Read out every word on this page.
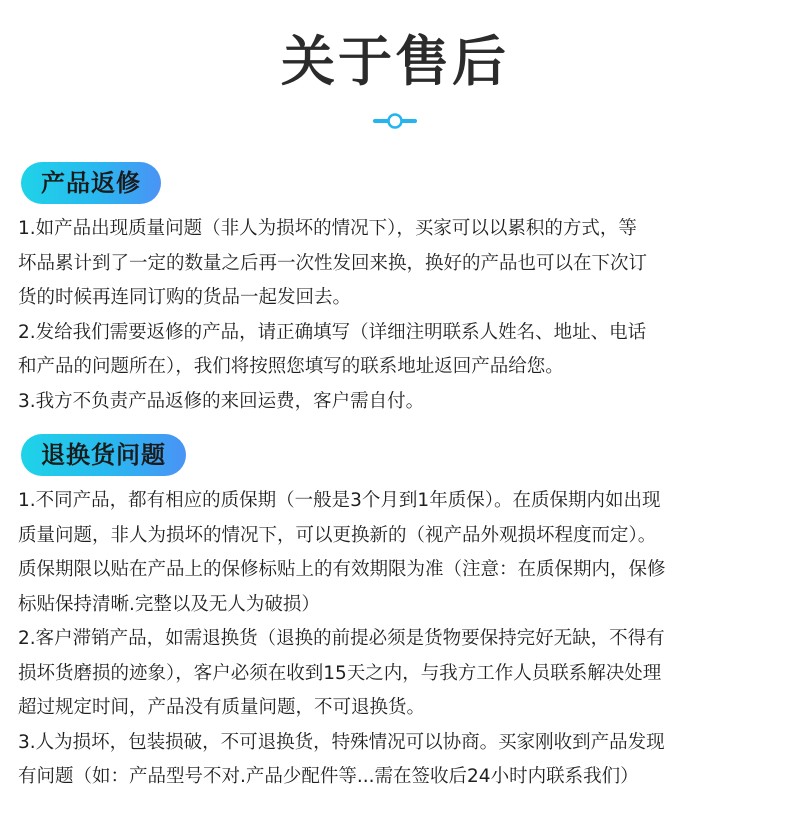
关于售后
产品返修
1.如产品出现质量问题（非人为损坏的情况下），买家可以以累积的方式，等
坏品累计到了一定的数量之后再一次性发回来换，换好的产品也可以在下次订
货的时候再连同订购的货品一起发回去。
2.发给我们需要返修的产品，请正确填写（详细注明联系人姓名、地址、电话
和产品的问题所在），我们将按照您填写的联系地址返回产品给您。
3.我方不负责产品返修的来回运费，客户需自付。
退换货问题
1.不同产品，都有相应的质保期（一般是3个月到1年质保）。在质保期内如出现
质量问题，非人为损坏的情况下，可以更换新的（视产品外观损坏程度而定）。
质保期限以贴在产品上的保修标贴上的有效期限为准（注意：在质保期内，保修
标贴保持清晰.完整以及无人为破损）
2.客户滞销产品，如需退换货（退换的前提必须是货物要保持完好无缺，不得有
损坏货磨损的迹象），客户必须在收到15天之内，与我方工作人员联系解决处理
超过规定时间，产品没有质量问题，不可退换货。
3.人为损坏，包装损破，不可退换货，特殊情况可以协商。买家刚收到产品发现
有问题（如：产品型号不对.产品少配件等...需在签收后24小时内联系我们）
